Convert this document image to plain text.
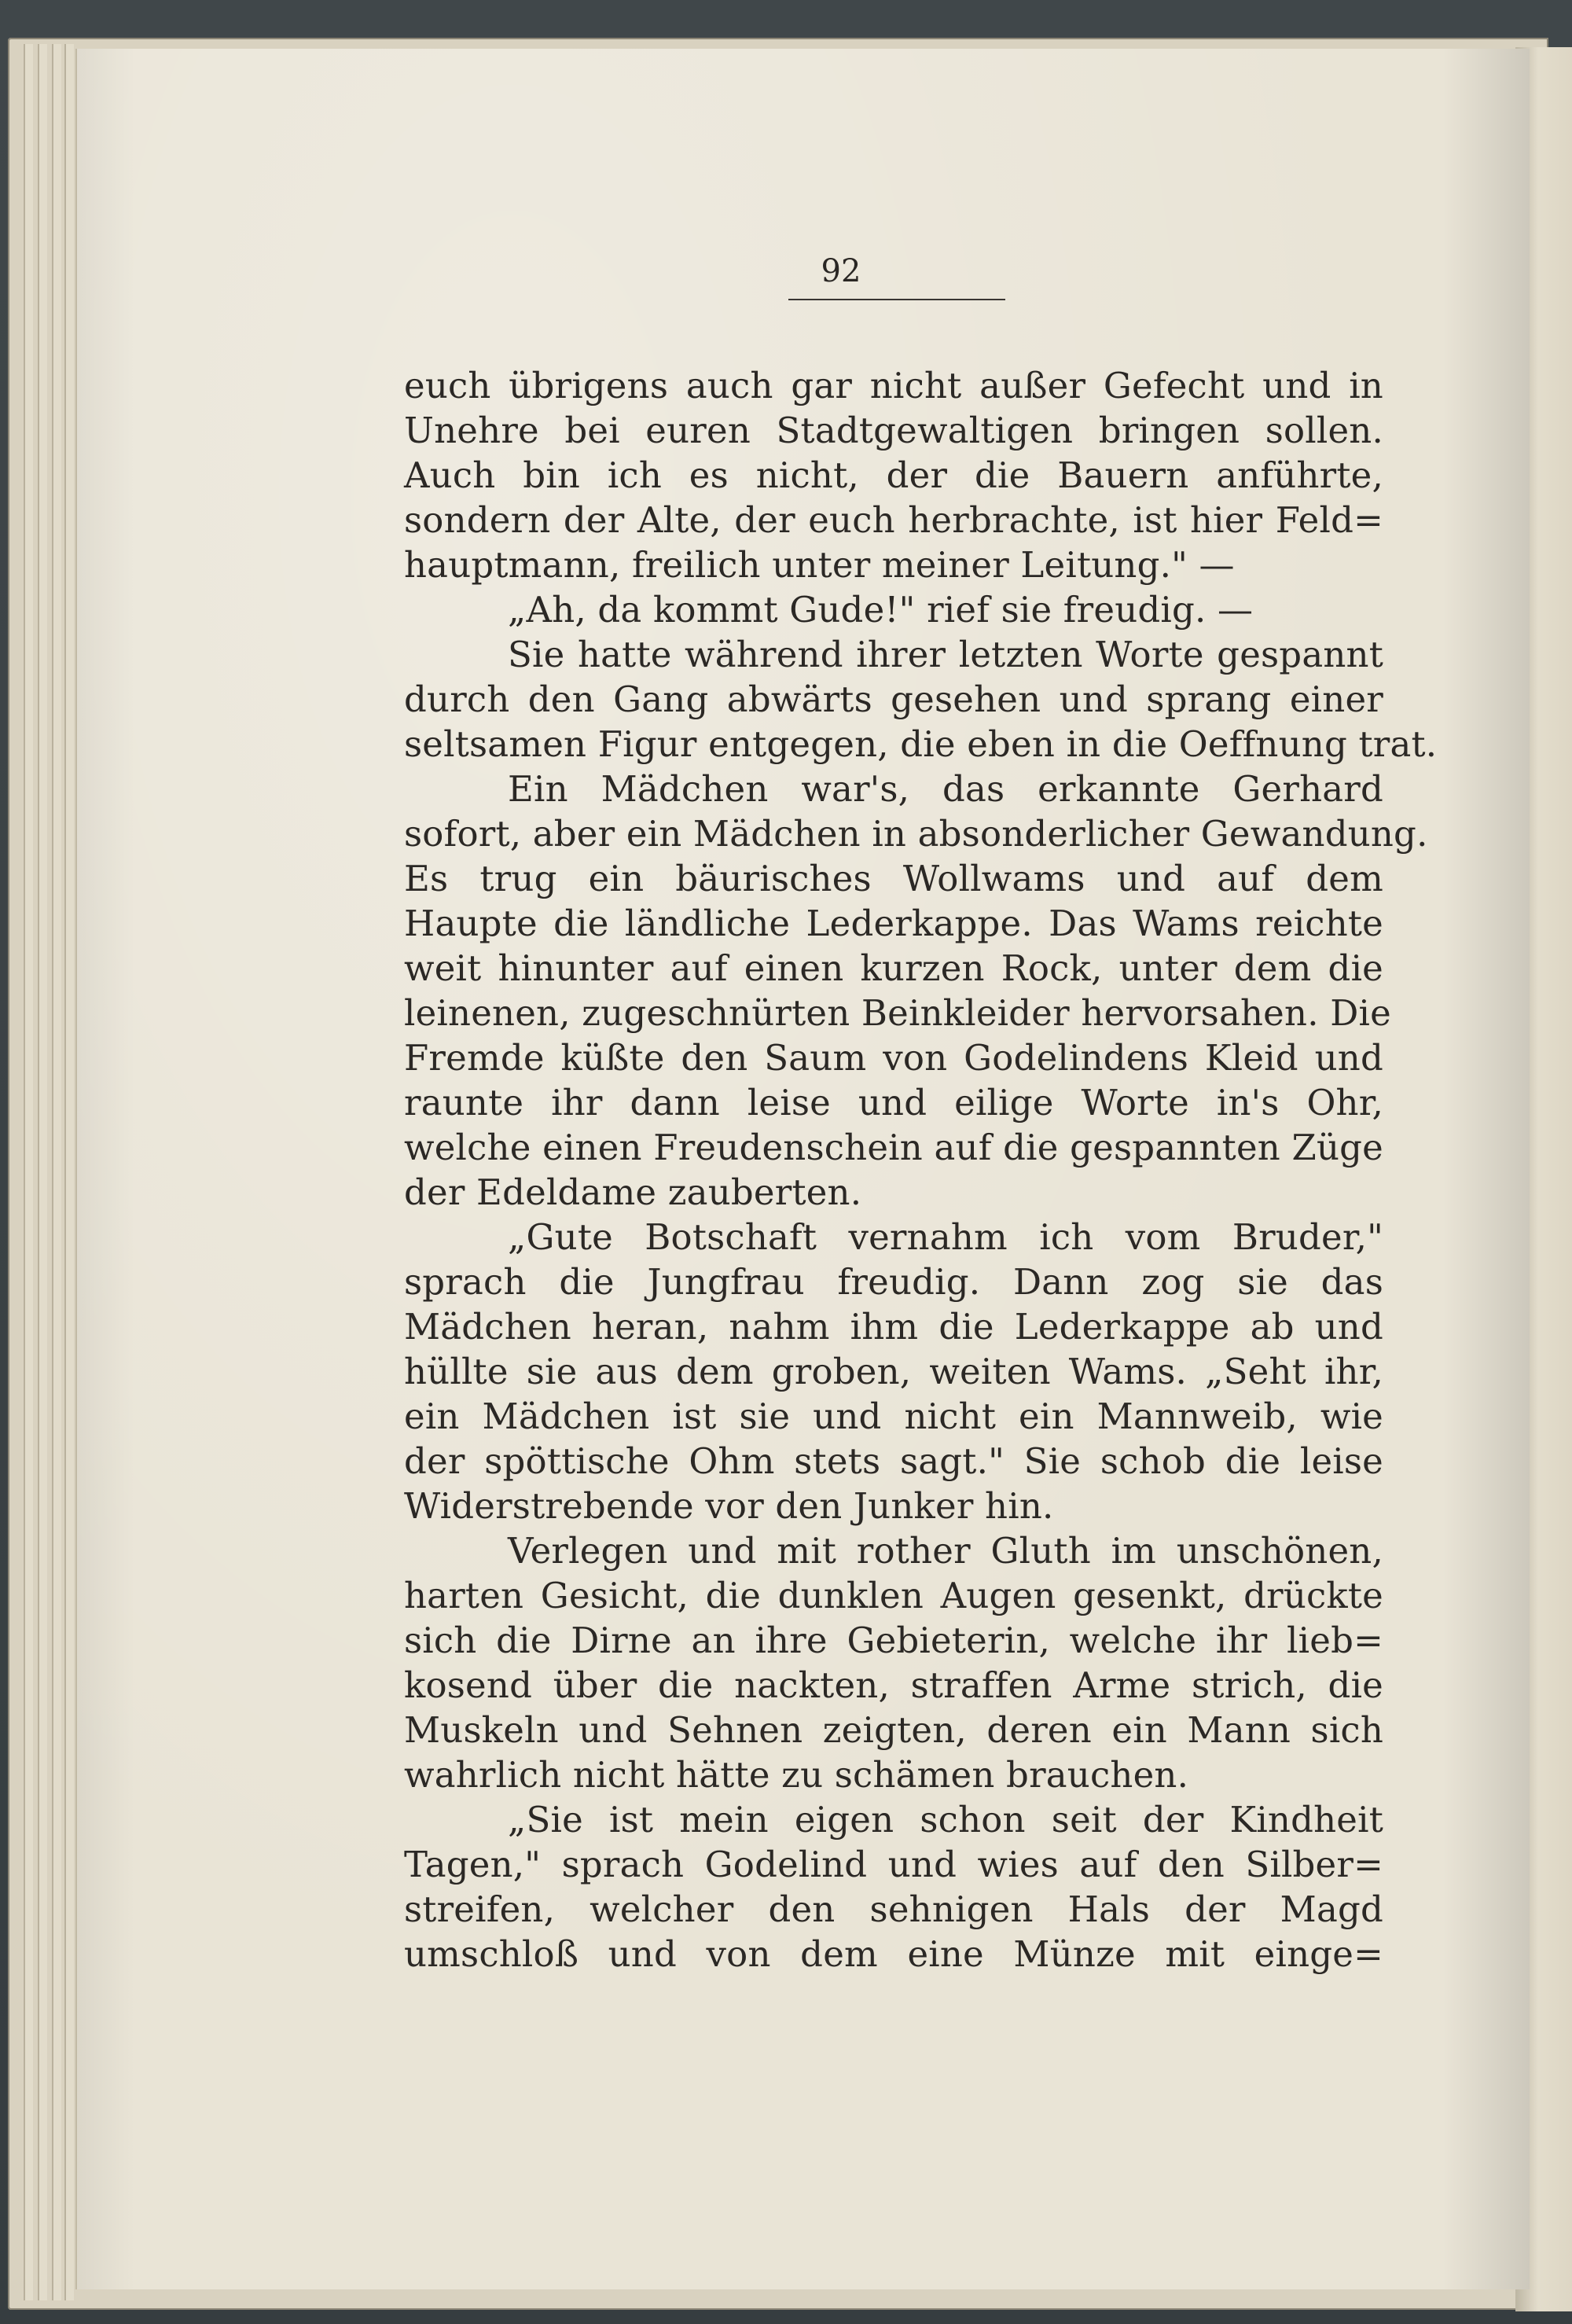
92
euch übrigens auch gar nicht außer Gefecht und in
Unehre bei euren Stadtgewaltigen bringen sollen.
Auch bin ich es nicht, der die Bauern anführte,
sondern der Alte, der euch herbrachte, ist hier Feld=
hauptmann, freilich unter meiner Leitung." —
„Ah, da kommt Gude!" rief sie freudig. —
Sie hatte während ihrer letzten Worte gespannt
durch den Gang abwärts gesehen und sprang einer
seltsamen Figur entgegen, die eben in die Oeffnung trat.
Ein Mädchen war's, das erkannte Gerhard
sofort, aber ein Mädchen in absonderlicher Gewandung.
Es trug ein bäurisches Wollwams und auf dem
Haupte die ländliche Lederkappe. Das Wams reichte
weit hinunter auf einen kurzen Rock, unter dem die
leinenen, zugeschnürten Beinkleider hervorsahen. Die
Fremde küßte den Saum von Godelindens Kleid und
raunte ihr dann leise und eilige Worte in's Ohr,
welche einen Freudenschein auf die gespannten Züge
der Edeldame zauberten.
„Gute Botschaft vernahm ich vom Bruder,"
sprach die Jungfrau freudig. Dann zog sie das
Mädchen heran, nahm ihm die Lederkappe ab und
hüllte sie aus dem groben, weiten Wams. „Seht ihr,
ein Mädchen ist sie und nicht ein Mannweib, wie
der spöttische Ohm stets sagt." Sie schob die leise
Widerstrebende vor den Junker hin.
Verlegen und mit rother Gluth im unschönen,
harten Gesicht, die dunklen Augen gesenkt, drückte
sich die Dirne an ihre Gebieterin, welche ihr lieb=
kosend über die nackten, straffen Arme strich, die
Muskeln und Sehnen zeigten, deren ein Mann sich
wahrlich nicht hätte zu schämen brauchen.
„Sie ist mein eigen schon seit der Kindheit
Tagen," sprach Godelind und wies auf den Silber=
streifen, welcher den sehnigen Hals der Magd
umschloß und von dem eine Münze mit einge=
